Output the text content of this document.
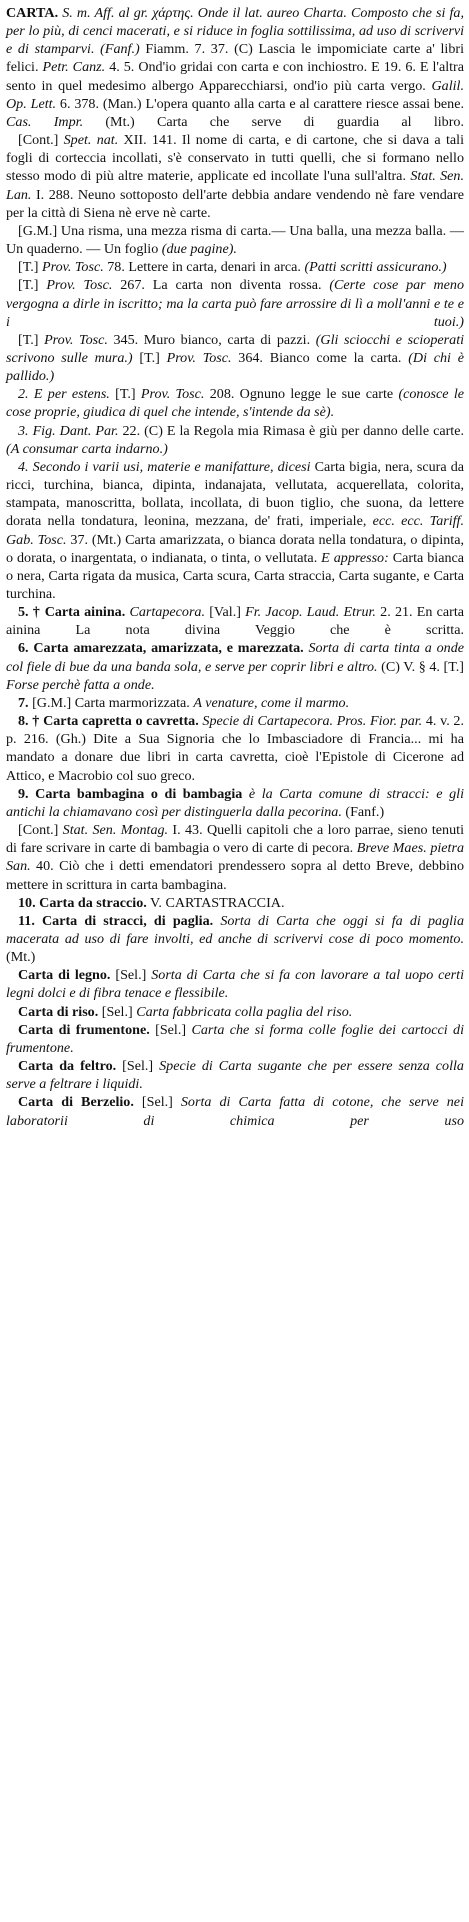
CARTA. S. m. Aff. al gr. χάρτης. Onde il lat. aureo Charta. Composto che si fa, per lo più, di cenci macerati, e si riduce in foglia sottilissima, ad uso di scrivervi e di stamparvi. (Fanf.) Fiamm. 7. 37. (C) Lascia le impomiciate carte a' libri felici. Petr. Canz. 4. 5. Ond'io gridai con carta e con inchiostro. E 19. 6. E l'altra sento in quel medesimo albergo Apparecchiarsi, ond'io più carta vergo. Galil. Op. Lett. 6. 378. (Man.) L'opera quanto alla carta e al carattere riesce assai bene. Cas. Impr. (Mt.) Carta che serve di guardia al libro.

[Cont.] Spet. nat. XII. 141. Il nome di carta, e di cartone, che si dava a tali fogli di corteccia incollati, s'è conservato in tutti quelli, che si formano nello stesso modo di più altre materie, applicate ed incollate l'una sull'altra. Stat. Sen. Lan. I. 288. Neuno sottoposto dell'arte debbia andare vendendo nè fare vendare per la città di Siena nè erve nè carte.

[G.M.] Una risma, una mezza risma di carta.— Una balla, una mezza balla. — Un quaderno. — Un foglio (due pagine).

[T.] Prov. Tosc. 78. Lettere in carta, denari in arca. (Patti scritti assicurano.)

[T.] Prov. Tosc. 267. La carta non diventa rossa. (Certe cose par meno vergogna a dirle in iscritto; ma la carta può fare arrossire di lì a moll'anni e te e i tuoi.)

[T.] Prov. Tosc. 345. Muro bianco, carta di pazzi. (Gli sciocchi e scioperati scrivono sulle mura.) [T.] Prov. Tosc. 364. Bianco come la carta. (Di chi è pallido.)

2. E per estens. [T.] Prov. Tosc. 208. Ognuno legge le sue carte (conosce le cose proprie, giudica di quel che intende, s'intende da sè).

3. Fig. Dant. Par. 22. (C) E la Regola mia Rimasa è giù per danno delle carte. (A consumar carta indarno.)

4. Secondo i varii usi, materie e manifatture, dicesi Carta bigia, nera, scura da ricci, turchina, bianca, dipinta, indanajata, vellutata, acquerellata, colorita, stampata, manoscritta, bollata, incollata, di buon tiglio, che suona, da lettere dorata nella tondatura, leonina, mezzana, de' frati, imperiale, ecc. ecc. Tariff. Gab. Tosc. 37. (Mt.) Carta amarizzata, o bianca dorata nella tondatura, o dipinta, o dorata, o inargentata, o indianata, o tinta, o vellutata. E appresso: Carta bianca o nera, Carta rigata da musica, Carta scura, Carta straccia, Carta sugante, e Carta turchina.

5. † Carta ainina. Cartapecora. [Val.] Fr. Jacop. Laud. Etrur. 2. 21. En carta ainina La nota divina Veggio che è scritta.

6. Carta amarezzata, amarizzata, e marezzata. Sorta di carta tinta a onde col fiele di bue da una banda sola, e serve per coprir libri e altro. (C) V. § 4. [T.] Forse perchè fatta a onde.

7. [G.M.] Carta marmorizzata. A venature, come il marmo.

8. † Carta capretta o cavretta. Specie di Cartapecora. Pros. Fior. par. 4. v. 2. p. 216. (Gh.) Dite a Sua Signoria che lo Imbasciadore di Francia... mi ha mandato a donare due libri in carta cavretta, cioè l'Epistole di Cicerone ad Attico, e Macrobio col suo greco.

9. Carta bambagina o di bambagia è la Carta comune di stracci: e gli antichi la chiamavano così per distinguerla dalla pecorina. (Fanf.)

[Cont.] Stat. Sen. Montag. I. 43. Quelli capitoli che a loro parrae, sieno tenuti di fare scrivare in carte di bambagia o vero di carte di pecora. Breve Maes. pietra San. 40. Ciò che i detti emendatori prendessero sopra al detto Breve, debbino mettere in scrittura in carta bambagina.

10. Carta da straccio. V. CARTASTRACCIA.

11. Carta di stracci, di paglia. Sorta di Carta che oggi si fa di paglia macerata ad uso di fare involti, ed anche di scrivervi cose di poco momento. (Mt.)

Carta di legno. [Sel.] Sorta di Carta che si fa con lavorare a tal uopo certi legni dolci e di fibra tenace e flessibile.

Carta di riso. [Sel.] Carta fabbricata colla paglia del riso.

Carta di frumentone. [Sel.] Carta che si forma colle foglie dei cartocci di frumentone.

Carta da feltro. [Sel.] Specie di Carta sugante che per essere senza colla serve a feltrare i liquidi.

Carta di Berzelio. [Sel.] Sorta di Carta fatta di cotone, che serve nei laboratorii di chimica per uso
